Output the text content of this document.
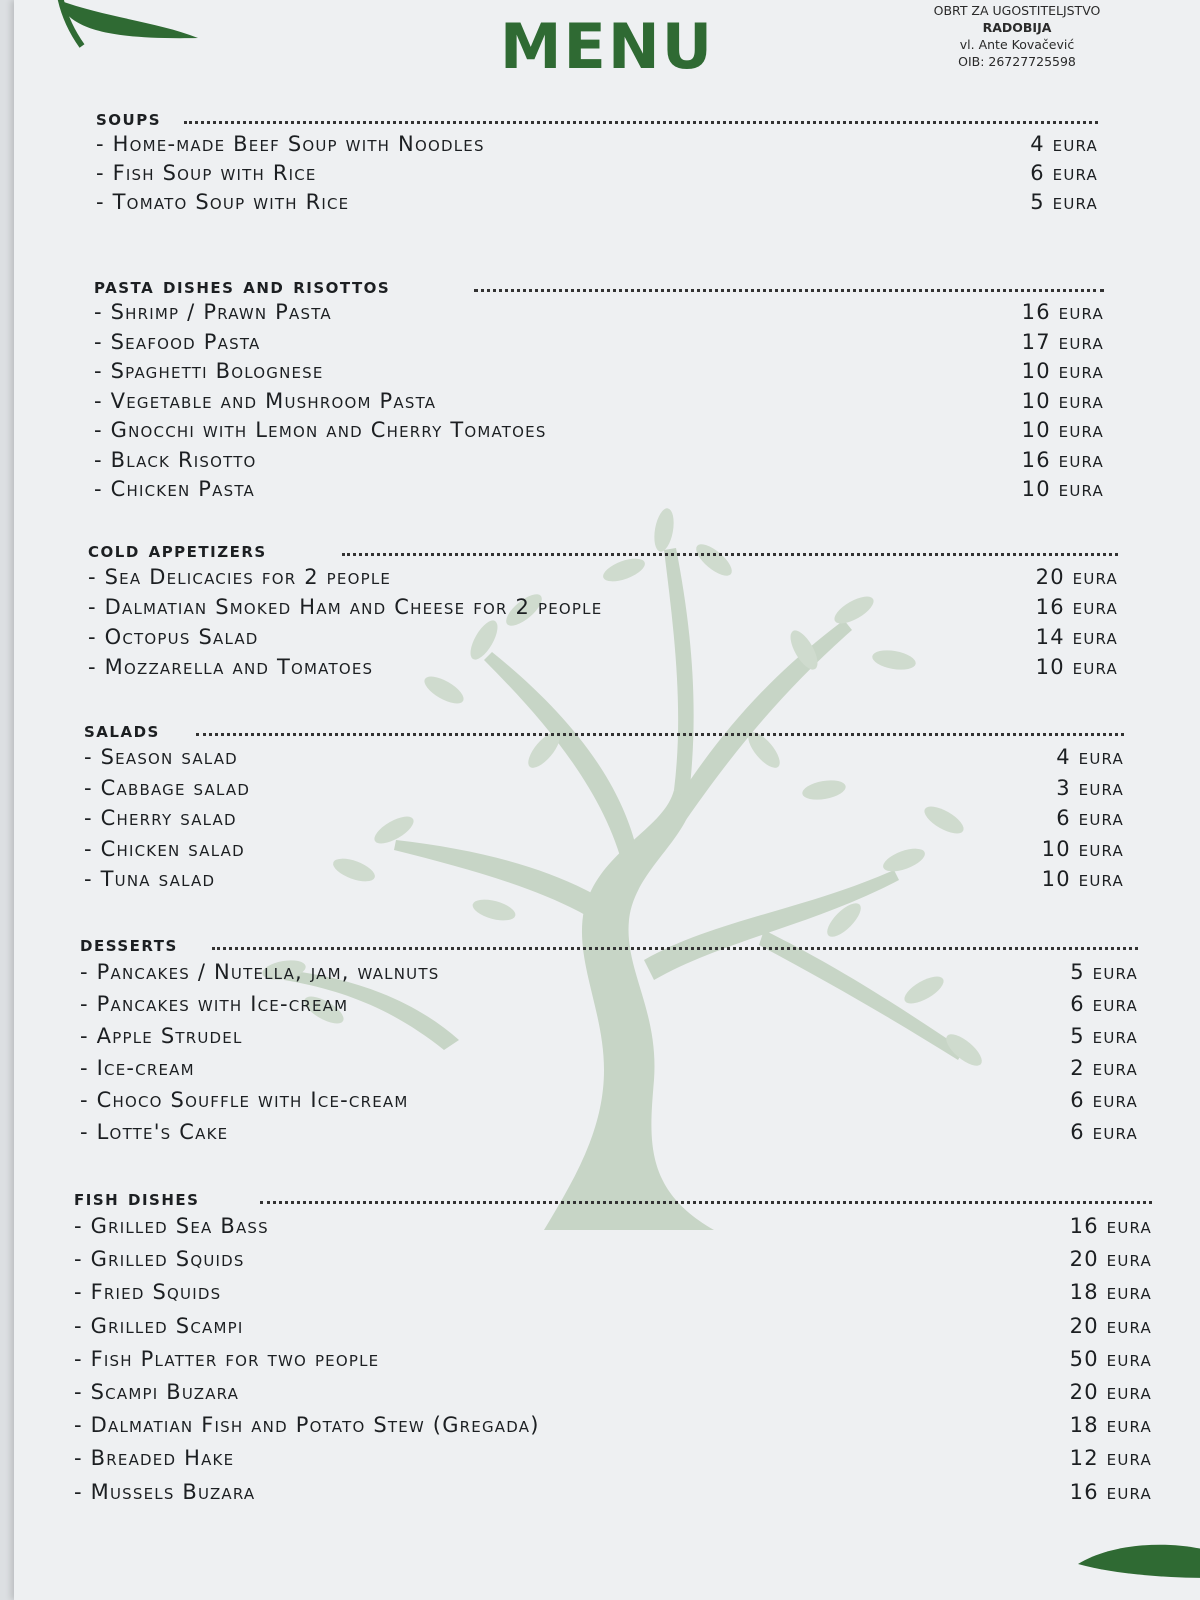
MENU	OBRT ZA UGOSTITELJSTVO
RADOBIJA
vl. Ante Kovačević
OIB: 26727725598
soups
- Home-made Beef Soup with Noodles	4 eura
- Fish Soup with Rice	6 eura
- Tomato Soup with Rice	5 eura
pasta dishes and risottos
- Shrimp / Prawn Pasta	16 eura
- Seafood Pasta	17 eura
- Spaghetti Bolognese	10 eura
- Vegetable and Mushroom Pasta	10 eura
- Gnocchi with Lemon and Cherry Tomatoes	10 eura
- Black Risotto	16 eura
- Chicken Pasta	10 eura
cold appetizers
- Sea Delicacies for 2 people	20 eura
- Dalmatian Smoked Ham and Cheese for 2 people	16 eura
- Octopus Salad	14 eura
- Mozzarella and Tomatoes	10 eura
salads
- Season salad	4 eura
- Cabbage salad	3 eura
- Cherry salad	6 eura
- Chicken salad	10 eura
- Tuna salad	10 eura
desserts
- Pancakes / Nutella, jam, walnuts	5 eura
- Pancakes with Ice-cream	6 eura
- Apple Strudel	5 eura
- Ice-cream	2 eura
- Choco Souffle with Ice-cream	6 eura
- Lotte's Cake	6 eura
fish dishes
- Grilled Sea Bass	16 eura
- Grilled Squids	20 eura
- Fried Squids	18 eura
- Grilled Scampi	20 eura
- Fish Platter for two people	50 eura
- Scampi Buzara	20 eura
- Dalmatian Fish and Potato Stew (Gregada)	18 eura
- Breaded Hake	12 eura
- Mussels Buzara	16 eura
